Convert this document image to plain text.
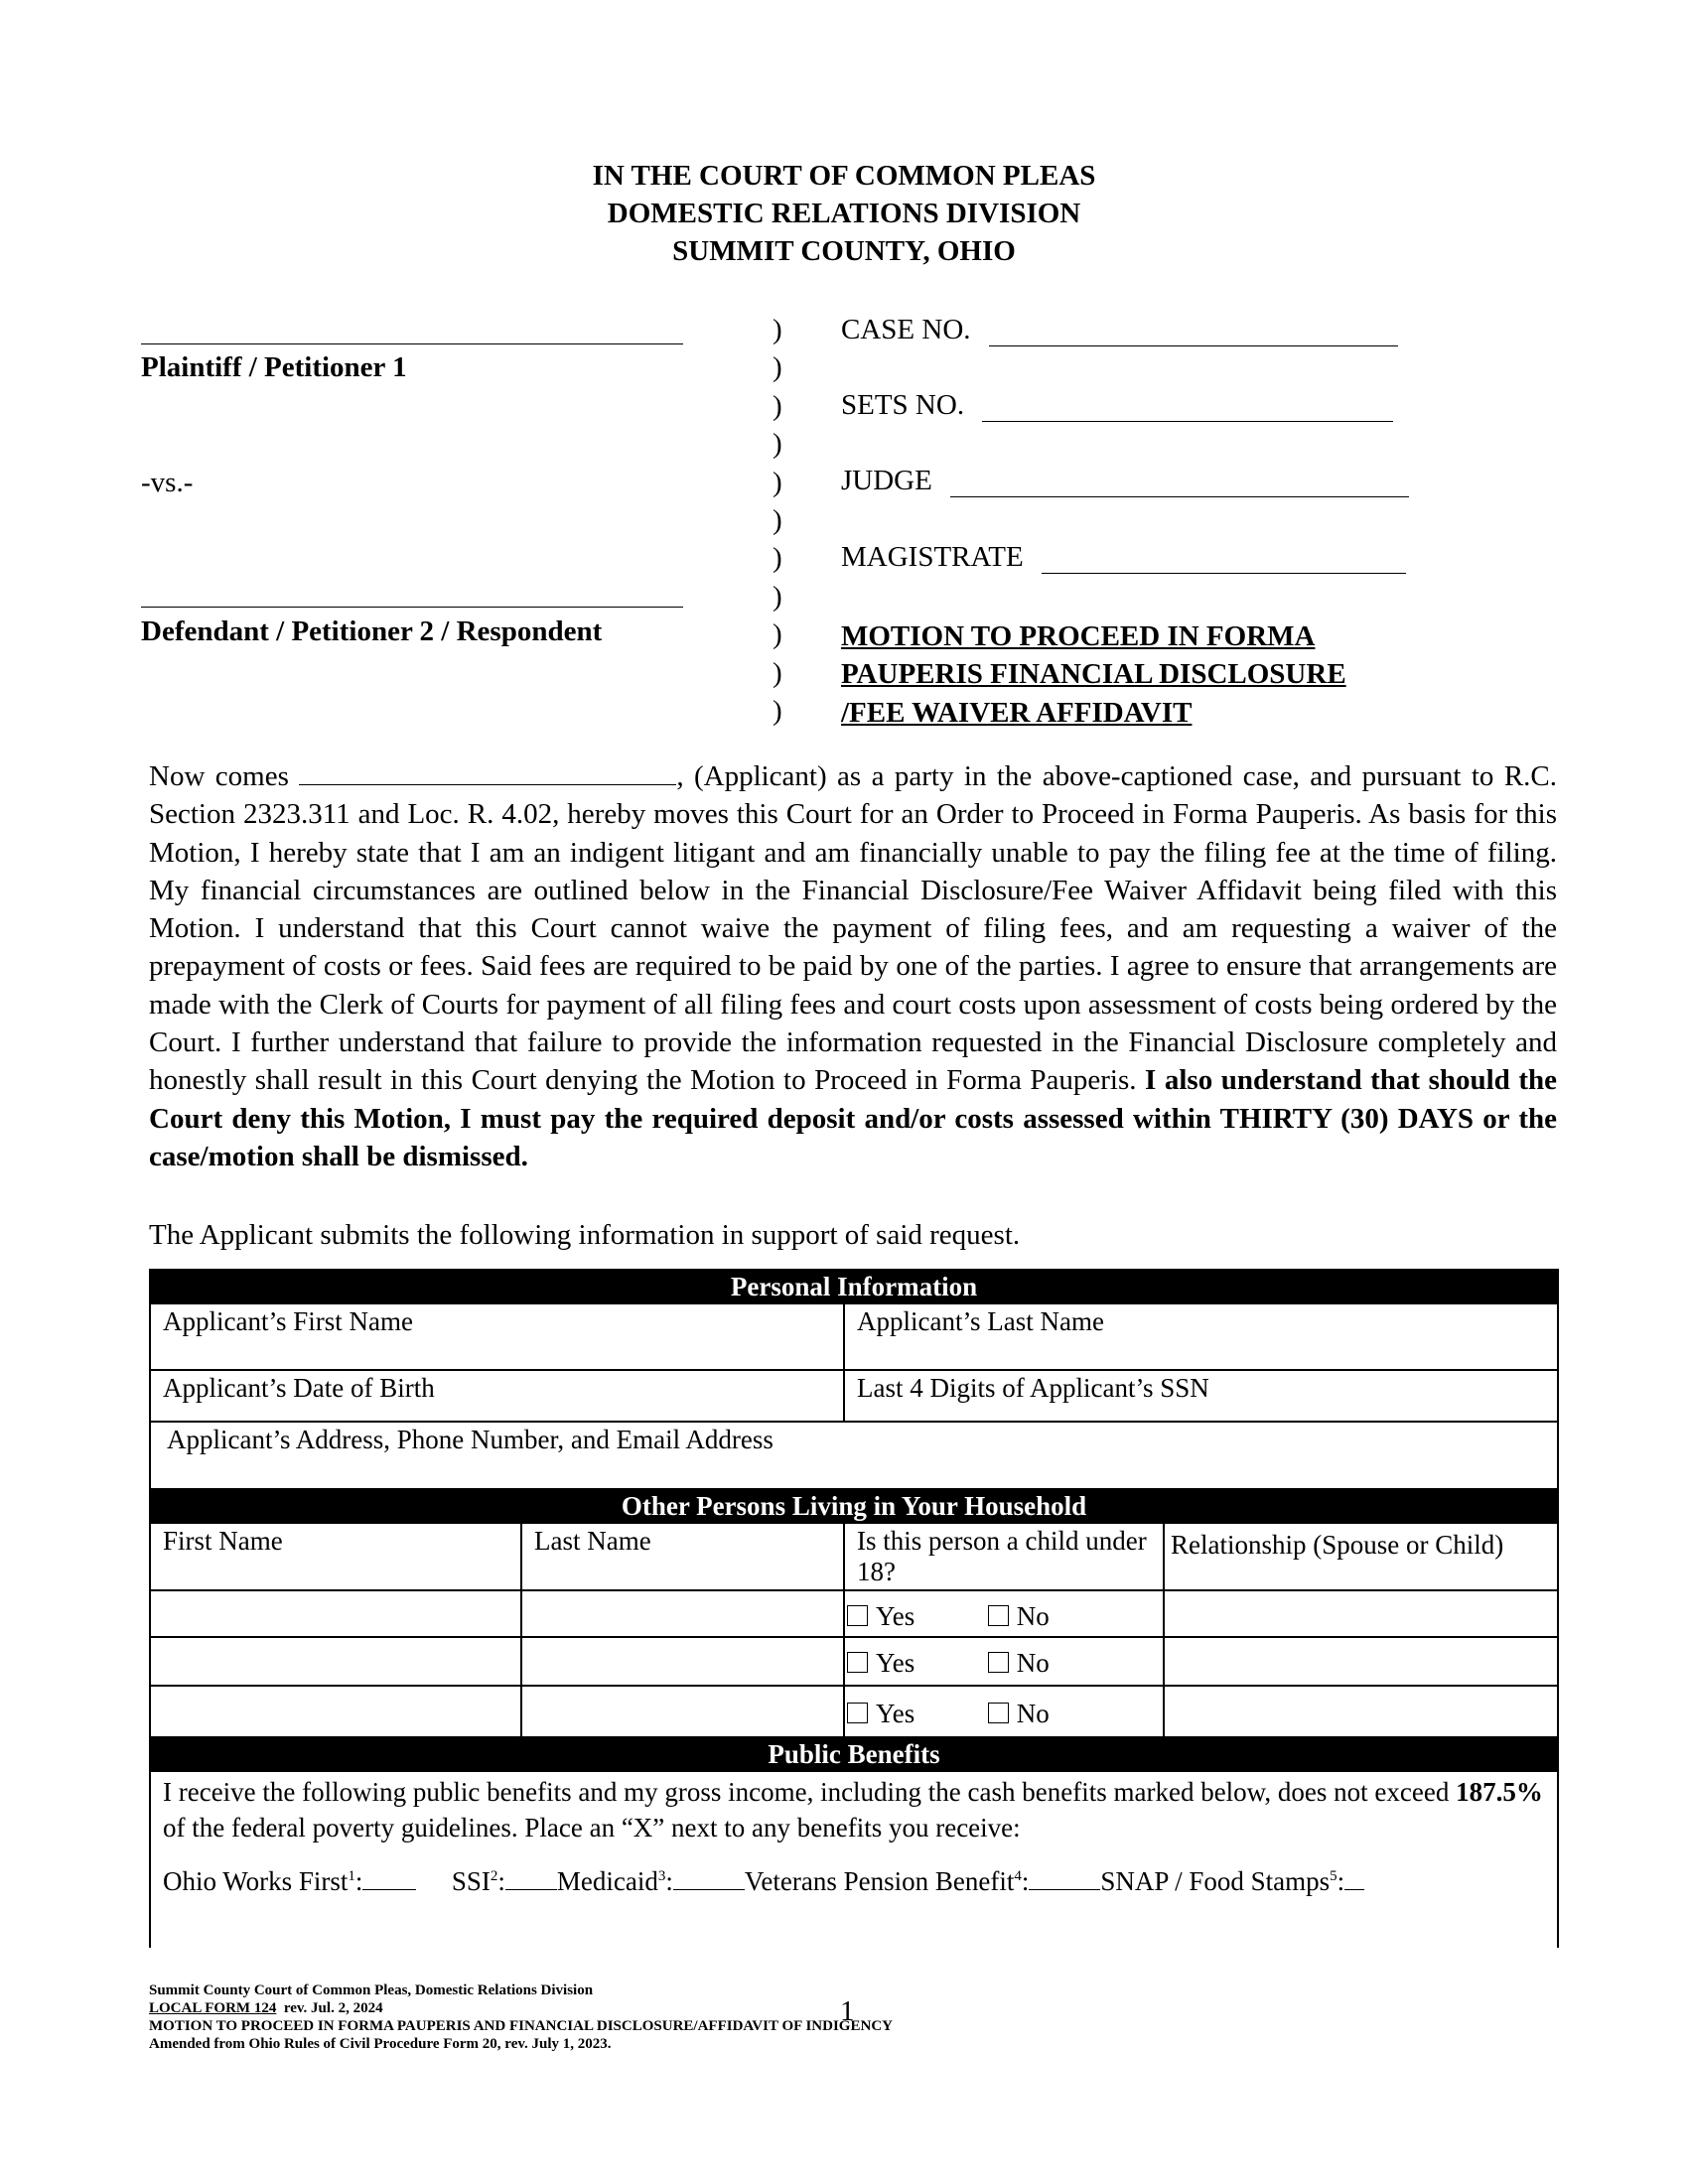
IN THE COURT OF COMMON PLEAS
DOMESTIC RELATIONS DIVISION
SUMMIT COUNTY, OHIO
Plaintiff / Petitioner 1
-vs.-
Defendant / Petitioner 2 / Respondent
)
)
)
)
)
)
)
)
)
)
)
CASE NO.
SETS NO.
JUDGE
MAGISTRATE
MOTION TO PROCEED IN FORMA
PAUPERIS FINANCIAL DISCLOSURE
/FEE WAIVER AFFIDAVIT
Now comes	, (Applicant) as a party in the above-captioned case, and pursuant to R.C. Section 2323.311 and Loc. R. 4.02, hereby moves this Court for an Order to Proceed in Forma Pauperis. As basis for this Motion, I hereby state that I am an indigent litigant and am financially unable to pay the filing fee at the time of filing. My financial circumstances are outlined below in the Financial Disclosure/Fee Waiver Affidavit being filed with this Motion. I understand that this Court cannot waive the payment of filing fees, and am requesting a waiver of the prepayment of costs or fees. Said fees are required to be paid by one of the parties. I agree to ensure that arrangements are made with the Clerk of Courts for payment of all filing fees and court costs upon assessment of costs being ordered by the Court. I further understand that failure to provide the information requested in the Financial Disclosure completely and honestly shall result in this Court denying the Motion to Proceed in Forma Pauperis. I also understand that should the Court deny this Motion, I must pay the required deposit and/or costs assessed within THIRTY (30) DAYS or the case/motion shall be dismissed.
The Applicant submits the following information in support of said request.
Personal Information			
Applicant’s First Name		Applicant’s Last Name	
Applicant’s Date of Birth		Last 4 Digits of Applicant’s SSN	
Applicant’s Address, Phone Number, and Email Address			
Other Persons Living in Your Household			
First Name	Last Name	Is this person a child under 18?	Relationship (Spouse or Child)
		Yes No	
		Yes No	
		Yes No	
Public Benefits			

I receive the following public benefits and my gross income, including the cash benefits marked below, does not exceed 187.5% of the federal poverty guidelines. Place an “X” next to any benefits you receive:
Ohio Works First$^1$: SSI$^2$: Medicaid$^3$: Veterans Pension Benefit$^4$: SNAP / Food Stamps$^5$:			
Summit County Court of Common Pleas, Domestic Relations Division
LOCAL FORM 124  rev. Jul. 2, 2024
MOTION TO PROCEED IN FORMA PAUPERIS AND FINANCIAL DISCLOSURE/AFFIDAVIT OF INDIGENCY
Amended from Ohio Rules of Civil Procedure Form 20, rev. July 1, 2023.
1
